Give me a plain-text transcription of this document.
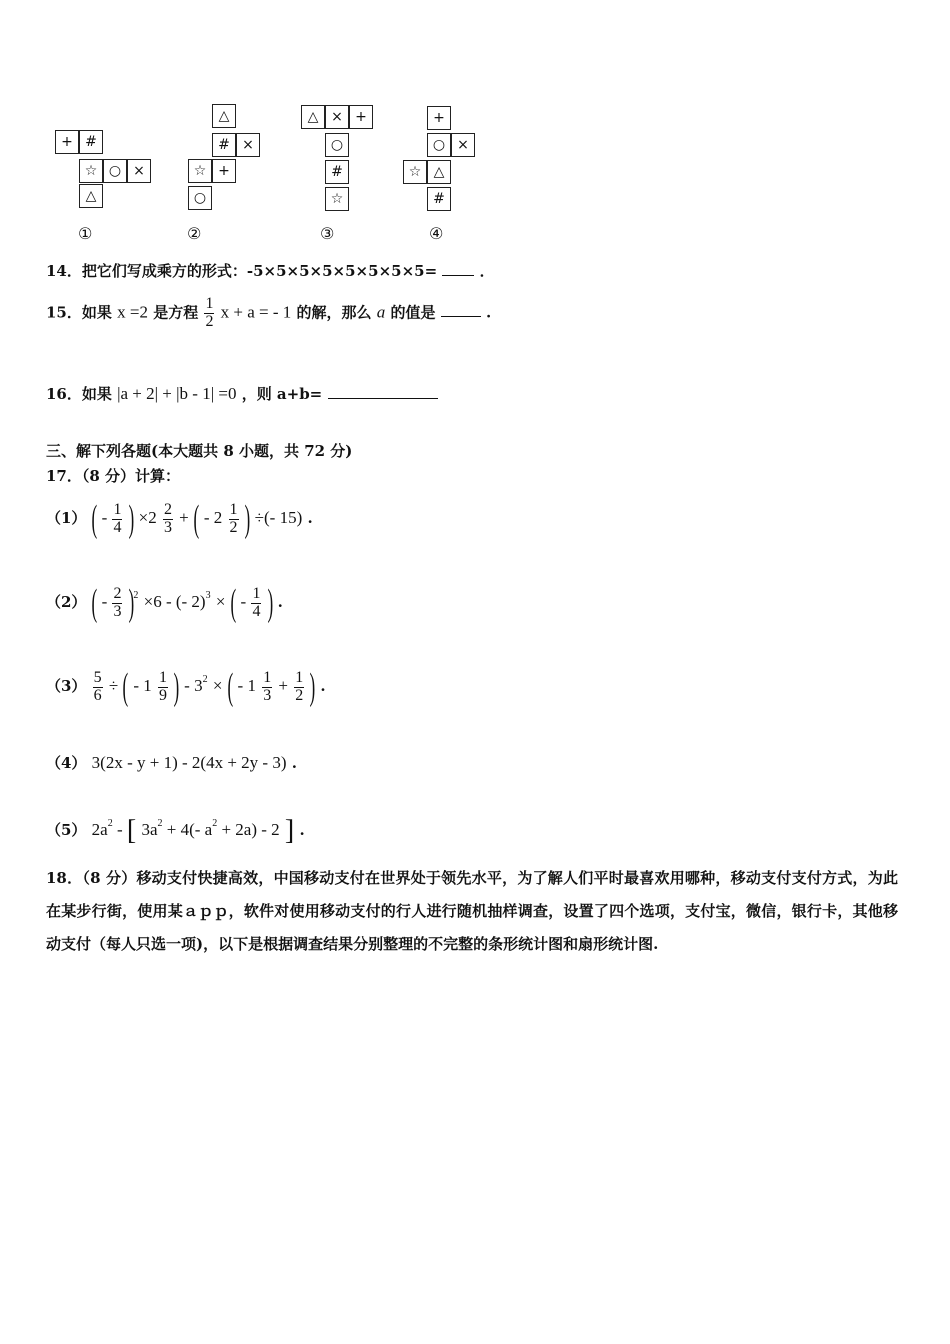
+ #
☆ ○ ×
△
①
△
# ×
☆ +
○
②
△ × +
○
#
☆
③
+
○ ×
☆ △
#
④
14．把它们写成乘方的形式：-5×5×5×5×5×5×5×5=	．
15．如果 x =2 是方程 $\frac{1}{2}$ x + a = - 1 的解，那么 a 的值是	.
16．如果 |a + 2| + |b - 1| =0 ，则 a+b=
三、解下列各题(本大题共 8 小题，共 72 分)
17．（8 分）计算：
（1） ( - $\frac{1}{4}$ ) $\times 2 \frac{2}{3}$ + ( - $2 \frac{1}{2}$ ) ÷(- 15) .
（2） ( - $\frac{2}{3} )^2 \times 6$ - (- 2)$^3$ × ( - $\frac{1}{4}$ ) .
$(3) \frac{5}{6}$ ÷ ( - $1 \frac{1}{9}$ ) - $3^2$ × ( - $1 \frac{1}{3} + \frac{1}{2}$ ) .
（4） 3(2x - y + 1) - 2(4x + 2y - 3) .
（5） $2a^2$ - [ $3a^2 + 4(-$ $a^2 + 2a) - 2$ ] .
18．（8 分）移动支付快捷高效，中国移动支付在世界处于领先水平，为了解人们平时最喜欢用哪种，移动支付支付方式，为此在某步行街，使用某ａｐｐ，软件对使用移动支付的行人进行随机抽样调查，设置了四个选项，支付宝，微信，银行卡，其他移动支付（每人只选一项)，以下是根据调查结果分别整理的不完整的条形统计图和扇形统计图.
